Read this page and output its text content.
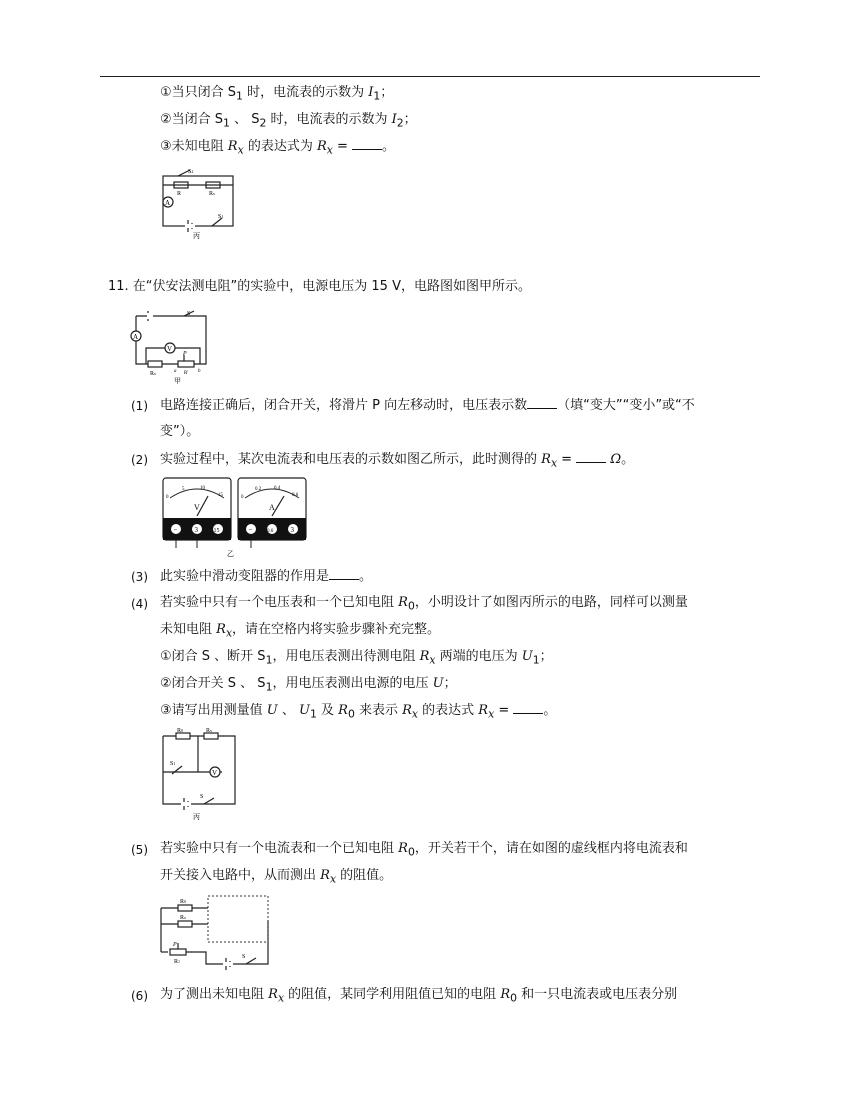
①当只闭合 $S_1$ 时，电流表的示数为 $I_1$；
②当闭合 $S_1$ 、 $S_2$ 时，电流表的示数为 $I_2$；
③未知电阻 $R_x$ 的表达式为 $R_x$ = 。
A
R	Rx
S2
S1
丙
11. 在“伏安法测电阻”的实验中，电源电压为 15 V，电路图如图甲所示。
A
V
S
Rx
P
a	b
R'
甲
(1) 电路连接正确后，闭合开关，将滑片 P 向左移动时，电压表示数 （填“变大”“变小”或“不
变”）。
(2) 实验过程中，某次电流表和电压表的示数如图乙所示，此时测得的 $R_x$ =	Ω。
0
5	10
15
V
− 3	15
0
0.2	0.4
0.6
A
−	0.6 3
乙
(3) 此实验中滑动变阻器的作用是 。
(4) 若实验中只有一个电压表和一个已知电阻 $R_0$，小明设计了如图丙所示的电路，同样可以测量
未知电阻 $R_x$，请在空格内将实验步骤补充完整。
①闭合 S 、断开 $S_1$，用电压表测出待测电阻 $R_x$ 两端的电压为 $U_1$；
②闭合开关 S 、 $S_1$，用电压表测出电源的电压 U；
③请写出用测量值 U 、 $U_1$ 及 $R_0$ 来表示 $R_x$ 的表达式 $R_x$ = 。
R0	Rx
V
S1
S
丙
(5) 若实验中只有一个电流表和一个已知电阻 $R_0$，开关若干个，请在如图的虚线框内将电流表和
开关接入电路中，从而测出 $R_x$ 的阻值。
R0
Rx
P
R1
S
(6) 为了测出未知电阻 $R_x$ 的阻值，某同学利用阻值已知的电阻 $R_0$ 和一只电流表或电压表分别
